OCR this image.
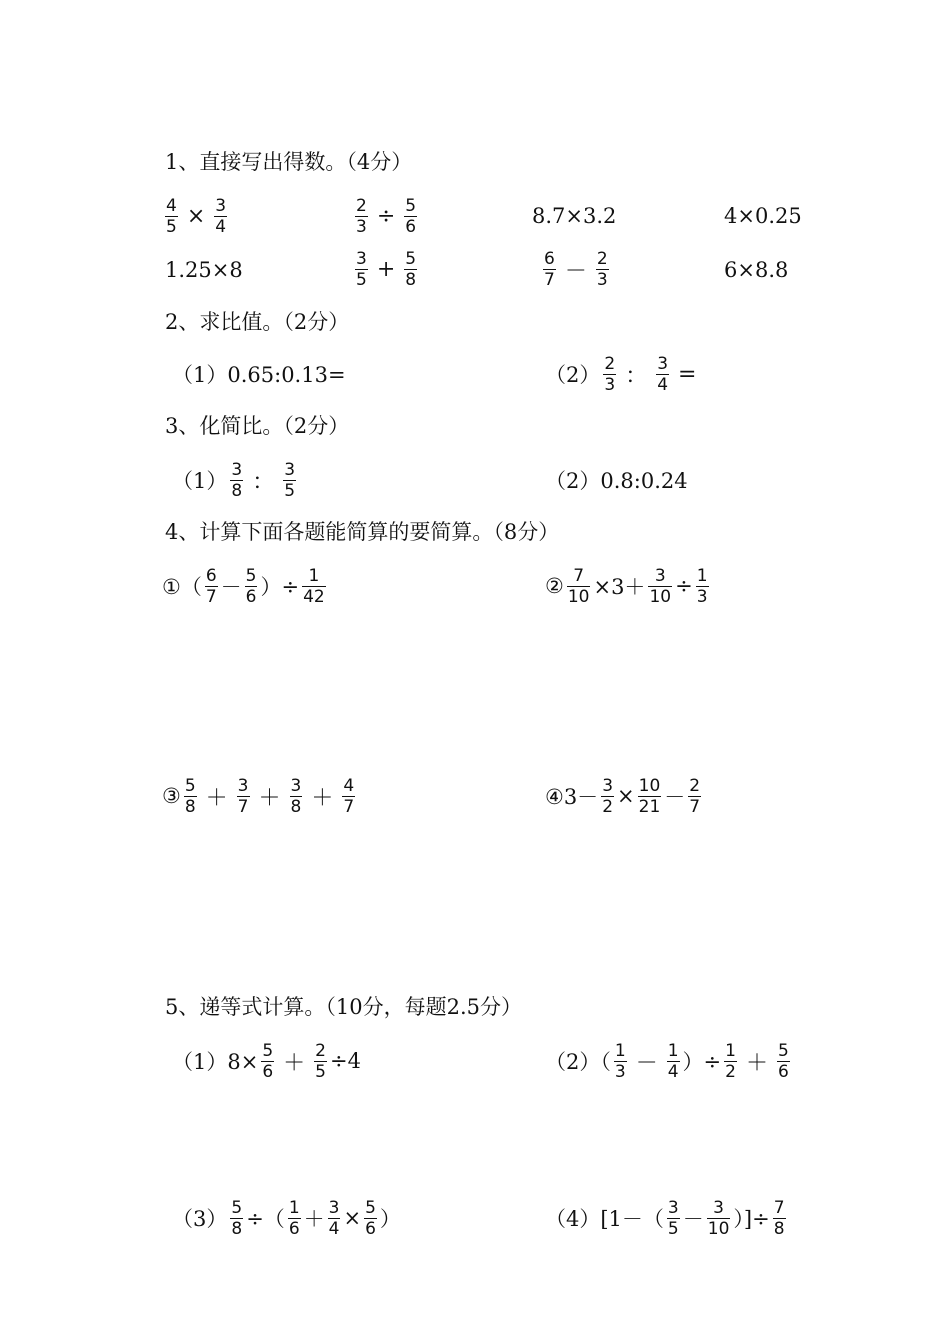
1、直接写出得数。（4分）
$\frac{4}{5} \times \frac{3}{4}$	$\frac{2}{3} \div \frac{5}{6}$	8.7×3.2	4×0.25
1.25×8	$\frac{3}{5} + \frac{5}{8}$	$\frac{6}{7} - \frac{2}{3}$	6×8.8
2、求比值。（2分）
（1）0.65:0.13=	$(2) \frac{2}{3}$ ： $\frac{3}{4}$ =
3、化简比。（2分）
$(1) \frac{3}{8}$ ： $\frac{3}{5}$	（2）0.8:0.24
4、计算下面各题能简算的要简算。（8分）
①（ $\frac{6}{7} - \frac{5}{6}$ ）÷ $\frac{1}{42}$	② $\frac{7}{10} \times 3+ \frac{3}{10} \div \frac{1}{3}$
③ $\frac{5}{8} + \frac{3}{7} + \frac{3}{8} + \frac{4}{7}$	④3－ $\frac{3}{2} \times \frac{10}{21} - \frac{2}{7}$
5、递等式计算。（10分，每题2.5分）
$(1)8\times \frac{5}{6} + \frac{2}{5} \div 4$	$(2)( \frac{1}{3} - \frac{1}{4}$ ）÷ $\frac{1}{2} + \frac{5}{6}$
$(3) \frac{5}{8}$ ÷（ $\frac{1}{6} + \frac{3}{4} \times \frac{5}{6}$ ）	$(4)[1-( \frac{3}{5} - \frac{3}{10}$ ）]÷ $\frac{7}{8}$
